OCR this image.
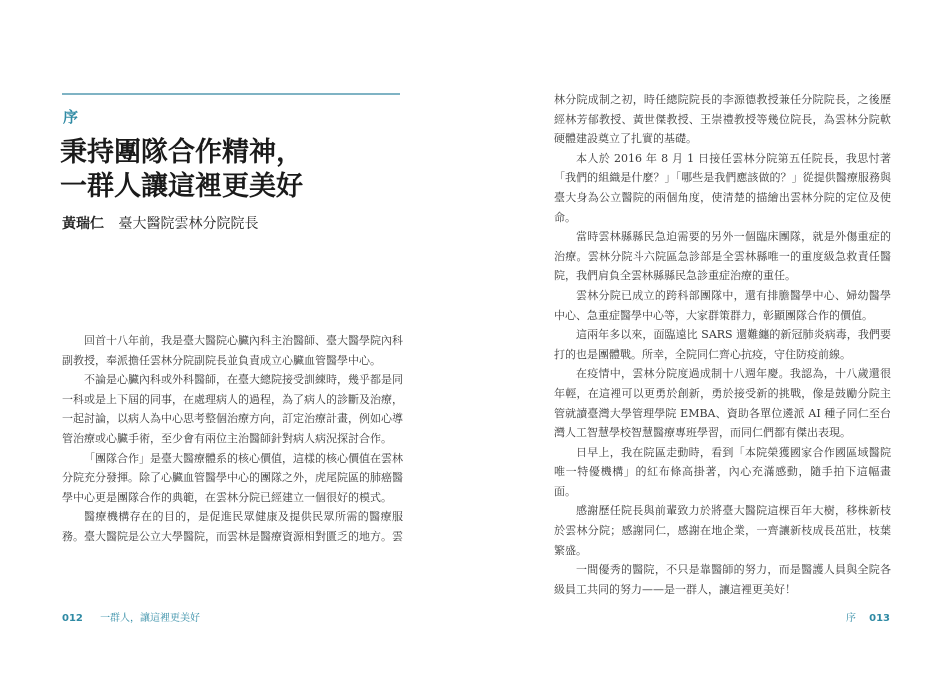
序
秉持團隊合作精神，
一群人讓這裡更美好
黃瑞仁 臺大醫院雲林分院院長

回首十八年前，我是臺大醫院心臟內科主治醫師、臺大醫學院內科副教授，奉派擔任雲林分院副院長並負責成立心臟血管醫學中心。

不論是心臟內科或外科醫師，在臺大總院接受訓練時，幾乎都是同一科或是上下屆的同事，在處理病人的過程，為了病人的診斷及治療，一起討論，以病人為中心思考整個治療方向，訂定治療計畫，例如心導管治療或心臟手術，至少會有兩位主治醫師針對病人病況探討合作。

「團隊合作」是臺大醫療體系的核心價值，這樣的核心價值在雲林分院充分發揮。除了心臟血管醫學中心的團隊之外，虎尾院區的肺癌醫學中心更是團隊合作的典範，在雲林分院已經建立一個很好的模式。

醫療機構存在的目的，是促進民眾健康及提供民眾所需的醫療服務。臺大醫院是公立大學醫院，而雲林是醫療資源相對匱乏的地方。雲

林分院成制之初，時任總院院長的李源德教授兼任分院院長，之後歷經林芳郁教授、黃世傑教授、王崇禮教授等幾位院長，為雲林分院軟硬體建設奠立了扎實的基礎。

本人於 2016 年 8 月 1 日接任雲林分院第五任院長，我思忖著「我們的組織是什麼？」「哪些是我們應該做的？」從提供醫療服務與臺大身為公立醫院的兩個角度，使清楚的描繪出雲林分院的定位及使命。

當時雲林縣縣民急迫需要的另外一個臨床團隊，就是外傷重症的治療。雲林分院斗六院區急診部是全雲林縣唯一的重度級急救責任醫院，我們肩負全雲林縣縣民急診重症治療的重任。

雲林分院已成立的跨科部團隊中，還有排膽醫學中心、婦幼醫學中心、急重症醫學中心等，大家群策群力，彰顯團隊合作的價值。

這兩年多以來，面臨遠比 SARS 還難纏的新冠肺炎病毒，我們要打的也是團體戰。所幸，全院同仁齊心抗疫，守住防疫前線。

在疫情中，雲林分院度過成制十八週年慶。我認為，十八歲還很年輕，在這裡可以更勇於創新，勇於接受新的挑戰，像是鼓勵分院主管就讀臺灣大學管理學院 EMBA、資助各單位遴派 AI 種子同仁至台灣人工智慧學校智慧醫療專班學習，而同仁們都有傑出表現。

日早上，我在院區走動時，看到「本院榮獲國家合作國區域醫院唯一特優機構」的紅布條高掛著，內心充滿感動，隨手拍下這幅畫面。

感謝歷任院長與前輩致力於將臺大醫院這棵百年大樹，移株新枝於雲林分院；感謝同仁，感謝在地企業，一齊讓新枝成長茁壯，枝葉繁盛。

一間優秀的醫院，不只是靠醫師的努力，而是醫護人員與全院各級員工共同的努力——是一群人，讓這裡更美好！

012 一群人，讓這裡更美好	序 013
